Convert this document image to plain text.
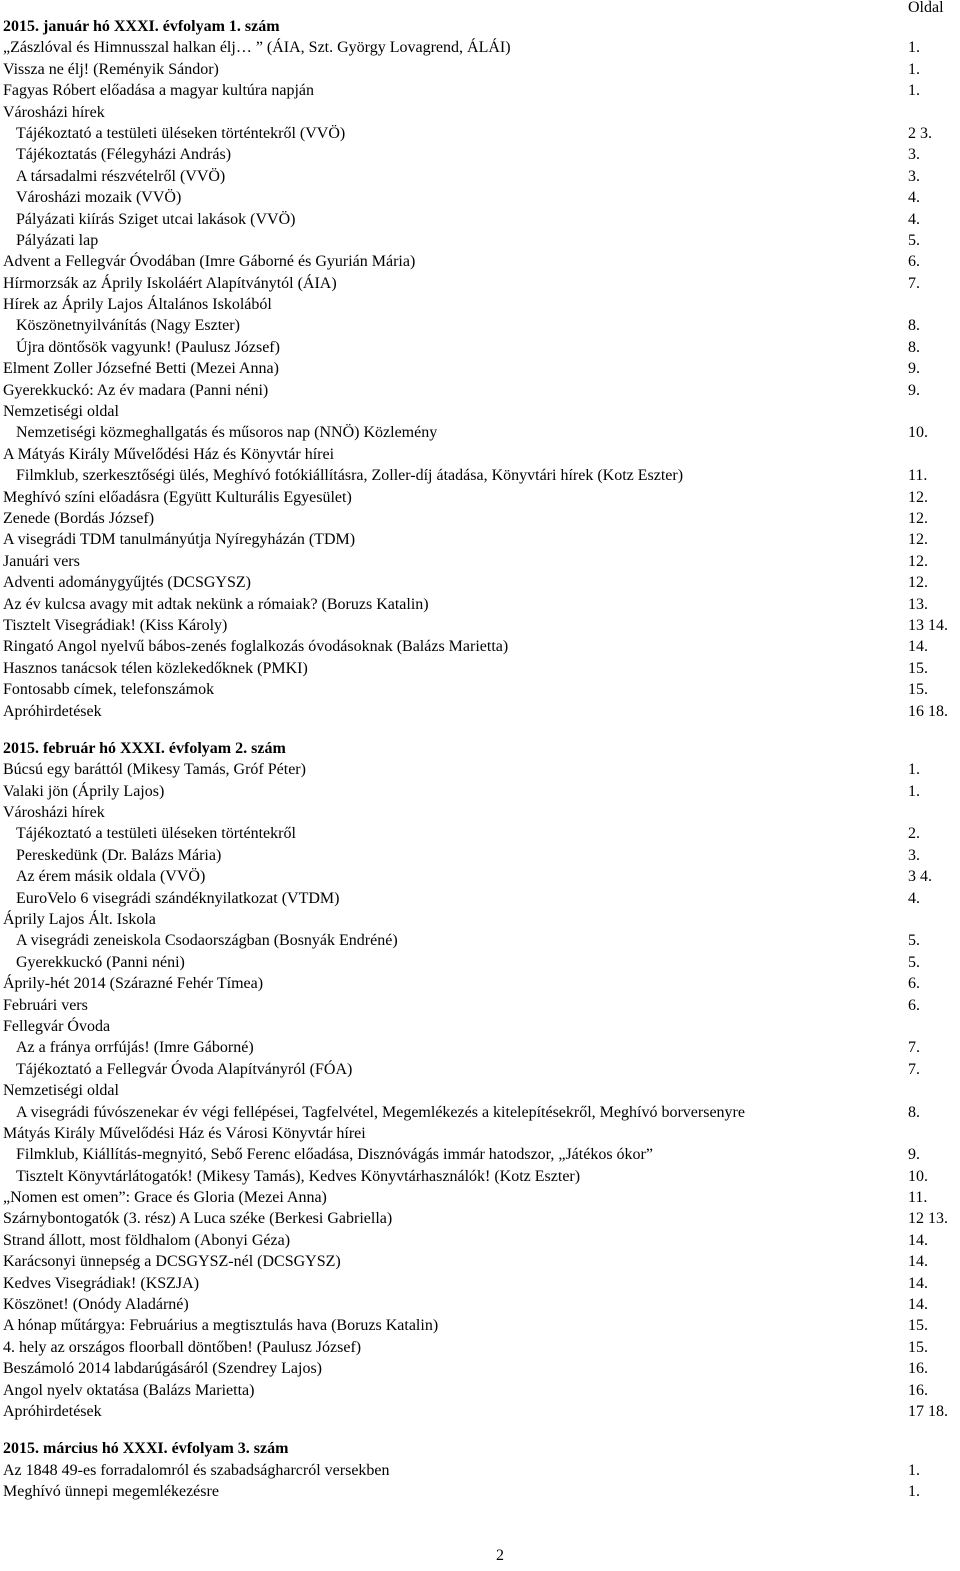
Oldal
2015. január hó XXXI. évfolyam 1. szám
„Zászlóval és Himnusszal halkan élj… ” (ÁIA, Szt. György Lovagrend, ÁLÁI)	1.
Vissza ne élj! (Reményik Sándor)	1.
Fagyas Róbert előadása a magyar kultúra napján	1.
Városházi hírek
Tájékoztató a testületi üléseken történtekről (VVÖ)	2 3.
Tájékoztatás (Félegyházi András)	3.
A társadalmi részvételről (VVÖ)	3.
Városházi mozaik (VVÖ)	4.
Pályázati kiírás Sziget utcai lakások (VVÖ)	4.
Pályázati lap	5.
Advent a Fellegvár Óvodában (Imre Gáborné és Gyurián Mária)	6.
Hírmorzsák az Áprily Iskoláért Alapítványtól (ÁIA)	7.
Hírek az Áprily Lajos Általános Iskolából
Köszönetnyilvánítás (Nagy Eszter)	8.
Újra döntősök vagyunk! (Paulusz József)	8.
Elment Zoller Józsefné Betti (Mezei Anna)	9.
Gyerekkuckó: Az év madara (Panni néni)	9.
Nemzetiségi oldal
Nemzetiségi közmeghallgatás és műsoros nap (NNÖ) Közlemény	10.
A Mátyás Király Művelődési Ház és Könyvtár hírei
Filmklub, szerkesztőségi ülés, Meghívó fotókiállításra, Zoller-díj átadása, Könyvtári hírek (Kotz Eszter)	11.
Meghívó színi előadásra (Együtt Kulturális Egyesület)	12.
Zenede (Bordás József)	12.
A visegrádi TDM tanulmányútja Nyíregyházán (TDM)	12.
Januári vers	12.
Adventi adománygyűjtés (DCSGYSZ)	12.
Az év kulcsa avagy mit adtak nekünk a rómaiak? (Boruzs Katalin)	13.
Tisztelt Visegrádiak! (Kiss Károly)	13 14.
Ringató Angol nyelvű bábos-zenés foglalkozás óvodásoknak (Balázs Marietta)	14.
Hasznos tanácsok télen közlekedőknek (PMKI)	15.
Fontosabb címek, telefonszámok	15.
Apróhirdetések	16 18.
2015. február hó XXXI. évfolyam 2. szám
Búcsú egy baráttól (Mikesy Tamás, Gróf Péter)	1.
Valaki jön (Áprily Lajos)	1.
Városházi hírek
Tájékoztató a testületi üléseken történtekről	2.
Pereskedünk (Dr. Balázs Mária)	3.
Az érem másik oldala (VVÖ)	3 4.
EuroVelo 6 visegrádi szándéknyilatkozat (VTDM)	4.
Áprily Lajos Ált. Iskola
A visegrádi zeneiskola Csodaországban (Bosnyák Endréné)	5.
Gyerekkuckó (Panni néni)	5.
Áprily-hét 2014 (Szárazné Fehér Tímea)	6.
Februári vers	6.
Fellegvár Óvoda
Az a fránya orrfújás! (Imre Gáborné)	7.
Tájékoztató a Fellegvár Óvoda Alapítványról (FÓA)	7.
Nemzetiségi oldal
A visegrádi fúvószenekar év végi fellépései, Tagfelvétel, Megemlékezés a kitelepítésekről, Meghívó borversenyre	8.
Mátyás Király Művelődési Ház és Városi Könyvtár hírei
Filmklub, Kiállítás-megnyitó, Sebő Ferenc előadása, Disznóvágás immár hatodszor, „Játékos ókor”	9.
Tisztelt Könyvtárlátogatók! (Mikesy Tamás), Kedves Könyvtárhasználók! (Kotz Eszter)	10.
„Nomen est omen”: Grace és Gloria (Mezei Anna)	11.
Szárnybontogatók (3. rész) A Luca széke (Berkesi Gabriella)	12 13.
Strand állott, most földhalom (Abonyi Géza)	14.
Karácsonyi ünnepség a DCSGYSZ-nél (DCSGYSZ)	14.
Kedves Visegrádiak! (KSZJA)	14.
Köszönet! (Onódy Aladárné)	14.
A hónap műtárgya: Februárius a megtisztulás hava (Boruzs Katalin)	15.
4. hely az országos floorball döntőben! (Paulusz József)	15.
Beszámoló 2014 labdarúgásáról (Szendrey Lajos)	16.
Angol nyelv oktatása (Balázs Marietta)	16.
Apróhirdetések	17 18.
2015. március hó XXXI. évfolyam 3. szám
Az 1848 49-es forradalomról és szabadságharcról versekben	1.
Meghívó ünnepi megemlékezésre	1.
2
